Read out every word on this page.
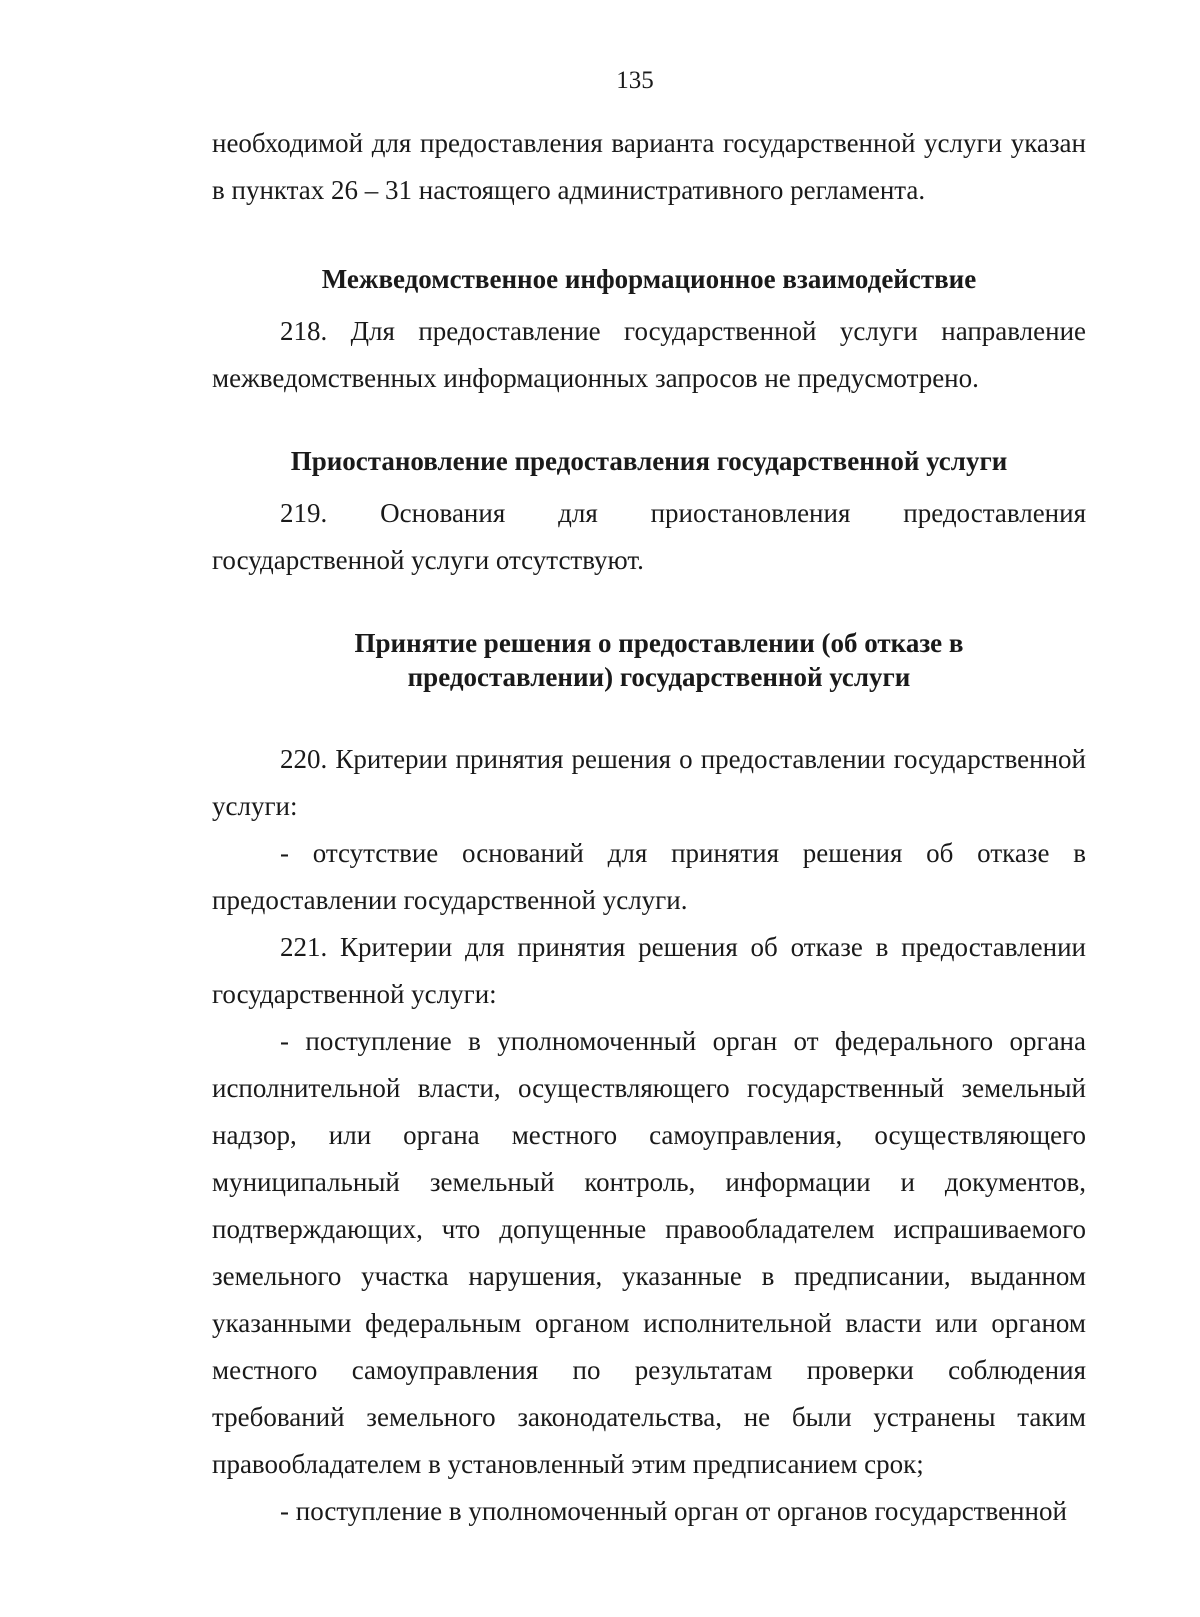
135

необходимой для предоставления варианта государственной услуги указан в пунктах 26 – 31 настоящего административного регламента.

Межведомственное информационное взаимодействие

218. Для предоставление государственной услуги направление межведомственных информационных запросов не предусмотрено.

Приостановление предоставления государственной услуги

219. Основания для приостановления предоставления государственной услуги отсутствуют.

Принятие решения о предоставлении (об отказе в предоставлении) государственной услуги

220. Критерии принятия решения о предоставлении государственной услуги:

- отсутствие оснований для принятия решения об отказе в предоставлении государственной услуги.

221. Критерии для принятия решения об отказе в предоставлении государственной услуги:

- поступление в уполномоченный орган от федерального органа исполнительной власти, осуществляющего государственный земельный надзор, или органа местного самоуправления, осуществляющего муниципальный земельный контроль, информации и документов, подтверждающих, что допущенные правообладателем испрашиваемого земельного участка нарушения, указанные в предписании, выданном указанными федеральным органом исполнительной власти или органом местного самоуправления по результатам проверки соблюдения требований земельного законодательства, не были устранены таким правообладателем в установленный этим предписанием срок;

- поступление в уполномоченный орган от органов государственной
